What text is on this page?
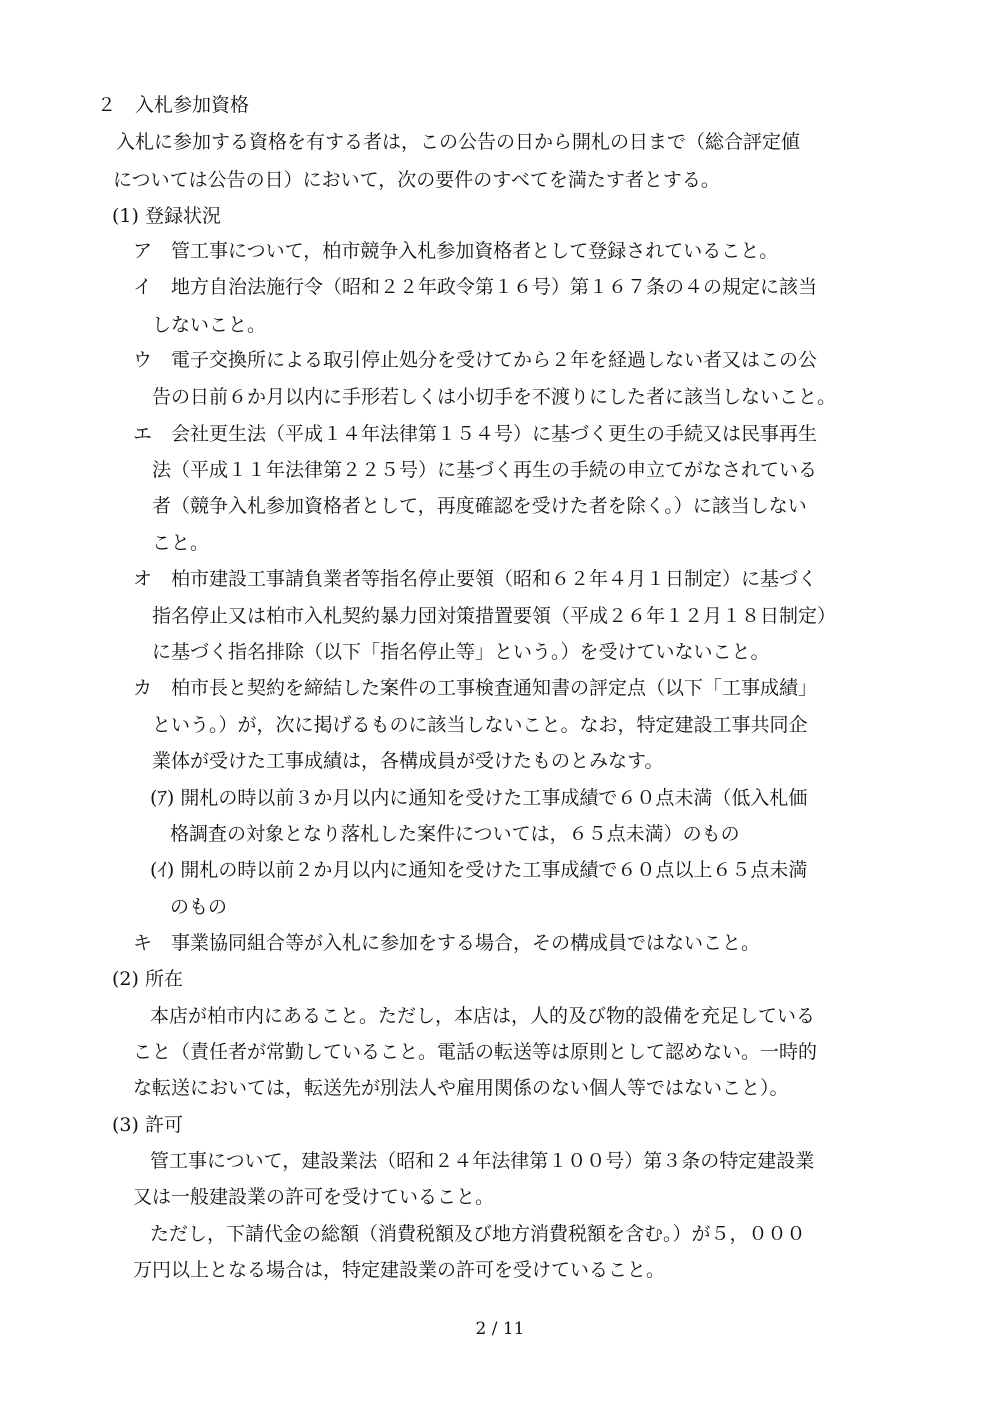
２　入札参加資格
入札に参加する資格を有する者は，この公告の日から開札の日まで（総合評定値
については公告の日）において，次の要件のすべてを満たす者とする。
(1) 登録状況
ア　管工事について，柏市競争入札参加資格者として登録されていること。
イ　地方自治法施行令（昭和２２年政令第１６号）第１６７条の４の規定に該当
しないこと。
ウ　電子交換所による取引停止処分を受けてから２年を経過しない者又はこの公
告の日前６か月以内に手形若しくは小切手を不渡りにした者に該当しないこと。
エ　会社更生法（平成１４年法律第１５４号）に基づく更生の手続又は民事再生
法（平成１１年法律第２２５号）に基づく再生の手続の申立てがなされている
者（競争入札参加資格者として，再度確認を受けた者を除く。）に該当しない
こと。
オ　柏市建設工事請負業者等指名停止要領（昭和６２年４月１日制定）に基づく
指名停止又は柏市入札契約暴力団対策措置要領（平成２６年１２月１８日制定）
に基づく指名排除（以下「指名停止等」という。）を受けていないこと。
カ　柏市長と契約を締結した案件の工事検査通知書の評定点（以下「工事成績」
という。）が，次に掲げるものに該当しないこと。なお，特定建設工事共同企
業体が受けた工事成績は，各構成員が受けたものとみなす。
(ｱ) 開札の時以前３か月以内に通知を受けた工事成績で６０点未満（低入札価
格調査の対象となり落札した案件については，６５点未満）のもの
(ｲ) 開札の時以前２か月以内に通知を受けた工事成績で６０点以上６５点未満
のもの
キ　事業協同組合等が入札に参加をする場合，その構成員ではないこと。
(2) 所在
本店が柏市内にあること。ただし，本店は，人的及び物的設備を充足している
こと（責任者が常勤していること。電話の転送等は原則として認めない。一時的
な転送においては，転送先が別法人や雇用関係のない個人等ではないこと）。
(3) 許可
管工事について，建設業法（昭和２４年法律第１００号）第３条の特定建設業
又は一般建設業の許可を受けていること。
ただし，下請代金の総額（消費税額及び地方消費税額を含む。）が５，０００
万円以上となる場合は，特定建設業の許可を受けていること。
2 / 11
